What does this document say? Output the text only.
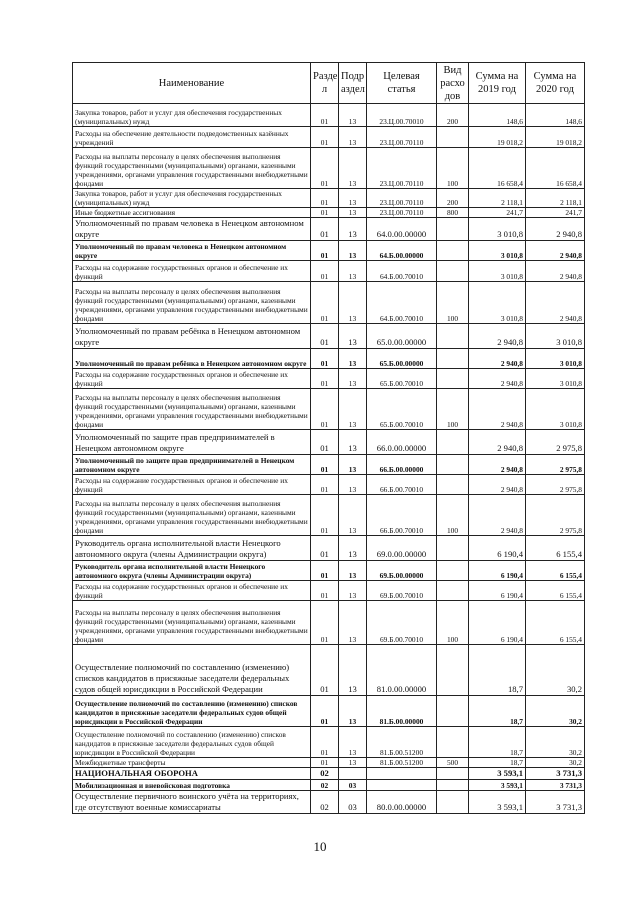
Наименование	Разде л	Подр аздел	Целевая статья	Вид расхо дов	Сумма на 2019 год	Сумма на 2020 год
Закупка товаров, работ и услуг для обеспечения государственных (муниципальных) нужд	01	13	23.Ц.00.70010	200	148,6	148,6
Расходы на обеспечение деятельности подведомственных казённых учреждений	01	13	23.Ц.00.70110		19 018,2	19 018,2
Расходы на выплаты персоналу в целях обеспечения выполнения функций государственными (муниципальными) органами, казенными учреждениями, органами управления государственными внебюджетными фондами	01	13	23.Ц.00.70110	100	16 658,4	16 658,4
Закупка товаров, работ и услуг для обеспечения государственных (муниципальных) нужд	01	13	23.Ц.00.70110	200	2 118,1	2 118,1
Иные бюджетные ассигнования	01	13	23.Ц.00.70110	800	241,7	241,7
Уполномоченный по правам человека в Ненецком автономном округе	01	13	64.0.00.00000		3 010,8	2 940,8
Уполномоченный по правам человека в Ненецком автономном округе	01	13	64.Б.00.00000		3 010,8	2 940,8
Расходы на содержание государственных органов и обеспечение их функций	01	13	64.Б.00.70010		3 010,8	2 940,8
Расходы на выплаты персоналу в целях обеспечения выполнения функций государственными (муниципальными) органами, казенными учреждениями, органами управления государственными внебюджетными фондами	01	13	64.Б.00.70010	100	3 010,8	2 940,8
Уполномоченный по правам ребёнка в Ненецком автономном округе	01	13	65.0.00.00000		2 940,8	3 010,8
Уполномоченный по правам ребёнка в Ненецком автономном округе	01	13	65.Б.00.00000		2 940,8	3 010,8
Расходы на содержание государственных органов и обеспечение их функций	01	13	65.Б.00.70010		2 940,8	3 010,8
Расходы на выплаты персоналу в целях обеспечения выполнения функций государственными (муниципальными) органами, казенными учреждениями, органами управления государственными внебюджетными фондами	01	13	65.Б.00.70010	100	2 940,8	3 010,8
Уполномоченный по защите прав предпринимателей в Ненецком автономном округе	01	13	66.0.00.00000		2 940,8	2 975,8
Уполномоченный по защите прав предпринимателей в Ненецком автономном округе	01	13	66.Б.00.00000		2 940,8	2 975,8
Расходы на содержание государственных органов и обеспечение их функций	01	13	66.Б.00.70010		2 940,8	2 975,8
Расходы на выплаты персоналу в целях обеспечения выполнения функций государственными (муниципальными) органами, казенными учреждениями, органами управления государственными внебюджетными фондами	01	13	66.Б.00.70010	100	2 940,8	2 975,8
Руководитель органа исполнительной власти Ненецкого автономного округа (члены Администрации округа)	01	13	69.0.00.00000		6 190,4	6 155,4
Руководитель органа исполнительной власти Ненецкого автономного округа (члены Администрации округа)	01	13	69.Б.00.00000		6 190,4	6 155,4
Расходы на содержание государственных органов и обеспечение их функций	01	13	69.Б.00.70010		6 190,4	6 155,4
Расходы на выплаты персоналу в целях обеспечения выполнения функций государственными (муниципальными) органами, казенными учреждениями, органами управления государственными внебюджетными фондами	01	13	69.Б.00.70010	100	6 190,4	6 155,4
Осуществление полномочий по составлению (изменению) списков кандидатов в присяжные заседатели федеральных судов общей юрисдикции в Российской Федерации	01	13	81.0.00.00000		18,7	30,2
Осуществление полномочий по составлению (изменению) списков кандидатов в присяжные заседатели федеральных судов общей юрисдикции в Российской Федерации	01	13	81.Б.00.00000		18,7	30,2
Осуществление полномочий по составлению (изменению) списков кандидатов в присяжные заседатели федеральных судов общей юрисдикции в Российской Федерации	01	13	81.Б.00.51200		18,7	30,2
Межбюджетные трансферты	01	13	81.Б.00.51200	500	18,7	30,2
НАЦИОНАЛЬНАЯ ОБОРОНА	02				3 593,1	3 731,3
Мобилизационная и вневойсковая подготовка	02	03			3 593,1	3 731,3
Осуществление первичного воинского учёта на территориях, где отсутствуют военные комиссариаты	02	03	80.0.00.00000		3 593,1	3 731,3
10
